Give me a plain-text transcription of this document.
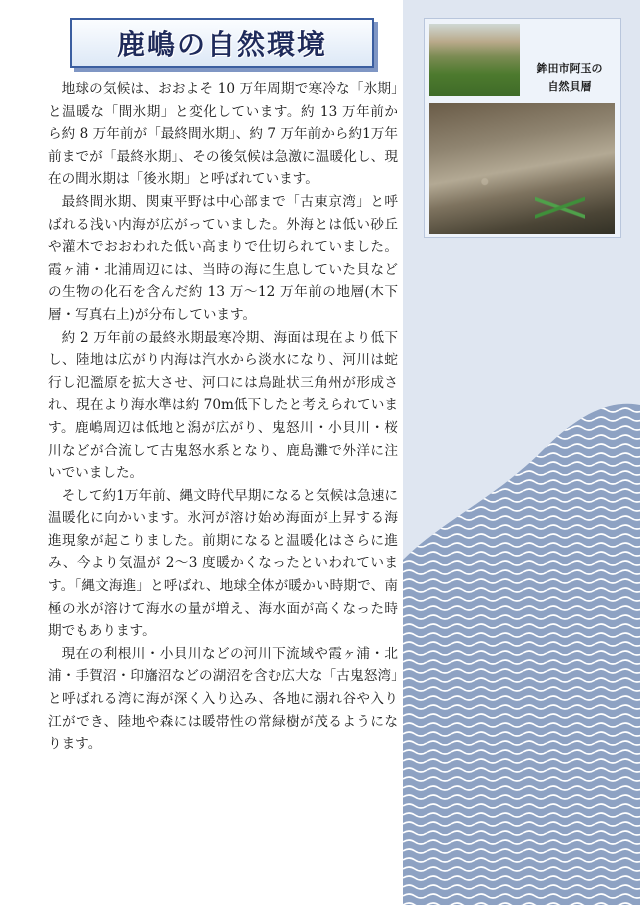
鹿嶋の自然環境
鉾田市阿玉の
自然貝層

地球の気候は、おおよそ 10 万年周期で寒冷な「氷期」と温暖な「間氷期」と変化しています。約 13 万年前から約 8 万年前が「最終間氷期」、約 7 万年前から約1万年前までが「最終氷期」、その後気候は急激に温暖化し、現在の間氷期は「後氷期」と呼ばれています。

最終間氷期、関東平野は中心部まで「古東京湾」と呼ばれる浅い内海が広がっていました。外海とは低い砂丘や灌木でおおわれた低い高まりで仕切られていました。霞ヶ浦・北浦周辺には、当時の海に生息していた貝などの生物の化石を含んだ約 13 万～12 万年前の地層(木下層・写真右上)が分布しています。

約 2 万年前の最終氷期最寒冷期、海面は現在より低下し、陸地は広がり内海は汽水から淡水になり、河川は蛇行し氾濫原を拡大させ、河口には鳥趾状三角州が形成され、現在より海水準は約 70m低下したと考えられています。鹿嶋周辺は低地と潟が広がり、鬼怒川・小貝川・桜川などが合流して古鬼怒水系となり、鹿島灘で外洋に注いでいました。

そして約1万年前、縄文時代早期になると気候は急速に温暖化に向かいます。氷河が溶け始め海面が上昇する海進現象が起こりました。前期になると温暖化はさらに進み、今より気温が 2～3 度暖かくなったといわれています。「縄文海進」と呼ばれ、地球全体が暖かい時期で、南極の氷が溶けて海水の量が増え、海水面が高くなった時期でもあります。

現在の利根川・小貝川などの河川下流域や霞ヶ浦・北浦・手賀沼・印旛沼などの湖沼を含む広大な「古鬼怒湾」と呼ばれる湾に海が深く入り込み、各地に溺れ谷や入り江ができ、陸地や森には暖帯性の常緑樹が茂るようになります。
